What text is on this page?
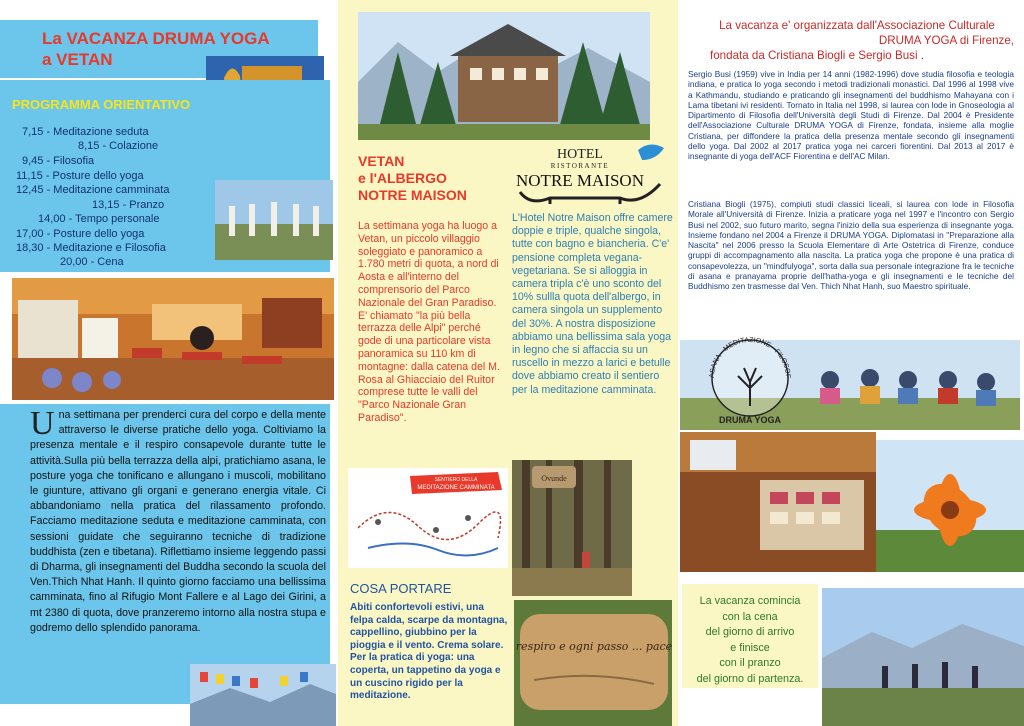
La VACANZA DRUMA YOGA
a VETAN
PROGRAMMA ORIENTATIVO
7,15 - Meditazione seduta
8,15 - Colazione
9,45 - Filosofia
11,15 - Posture dello yoga
12,45 - Meditazione camminata
13,15 - Pranzo
14,00 - Tempo personale
17,00 - Posture dello yoga
18,30 - Meditazione e Filosofia
20,00 - Cena
Una settimana per prenderci cura del corpo e della mente attraverso le diverse pratiche dello yoga. Coltiviamo la presenza mentale e il respiro consapevole durante tutte le attività.Sulla più bella terrazza della alpi, pratichiamo asana, le posture yoga che tonificano e allungano i muscoli, mobilitano le giunture, attivano gli organi e generano energia vitale. Ci abbandoniamo nella pratica del rilassamento profondo. Facciamo meditazione seduta e meditazione camminata, con sessioni guidate che seguiranno tecniche di tradizione buddhista (zen e tibetana). Riflettiamo insieme leggendo passi di Dharma, gli insegnamenti del Buddha secondo la scuola del Ven.Thich Nhat Hanh. Il quinto giorno facciamo una bellissima camminata, fino al Rifugio Mont Fallere e al Lago dei Girini, a mt 2380 di quota, dove pranzeremo intorno alla nostra stupa e godremo dello splendido panorama.
VETAN
e l'ALBERGO
NOTRE MAISON
HOTEL
RISTORANTE
NOTRE MAISON
La settimana yoga ha luogo a Vetan, un piccolo villaggio soleggiato e panoramico a 1.780 metri di quota, a nord di Aosta e all'interno del comprensorio del Parco Nazionale del Gran Paradiso. E' chiamato "la più bella terrazza delle Alpi" perché gode di una particolare vista panoramica su 110 km di montagne: dalla catena del M. Rosa al Ghiacciaio del Ruitor comprese tutte le valli del "Parco Nazionale Gran Paradiso".
L'Hotel Notre Maison offre camere doppie e triple, qualche singola, tutte con bagno e biancheria. C'e' pensione completa vegana-vegetariana. Se si alloggia in camera tripla c'è uno sconto del 10% sullla quota dell'albergo, in camera singola un supplemento del 30%. A nostra disposizione abbiamo una bellissima sala yoga in legno che si affaccia su un ruscello in mezzo a larici e betulle dove abbiamo creato il sentiero per la meditazione camminata.
SENTIERO DELLA
MEDITAZIONE CAMMINATA
Ovunde
respiro e ogni passo ... pace
COSA PORTARE
Abiti confortevoli estivi, una felpa calda, scarpe da montagna, cappellino, giubbino per la pioggia e il vento. Crema solare. Per la pratica di yoga: una coperta, un tappetino da yoga e un cuscino rigido per la meditazione.
La vacanza e' organizzata dall'Associazione Culturale
DRUMA YOGA di Firenze,
fondata da Cristiana Biogli e Sergio Busi .
Sergio Busi (1959) vive in India per 14 anni (1982-1996) dove studia filosofia e teologia indiana, e pratica lo yoga secondo i metodi tradizionali monastici. Dal 1996 al 1998 vive a Kathmandu, studiando e praticando gli insegnamenti del buddhismo Mahayana con i Lama tibetani ivi residenti. Tornato in Italia nel 1998, si laurea con lode in Gnoseologia al Dipartimento di Filosofia dell'Università degli Studi di Firenze. Dal 2004 è Presidente dell'Associazione Culturale DRUMA YOGA di Firenze, fondata, insieme alla moglie Cristiana, per diffondere la pratica della presenza mentale secondo gli insegnamenti dello yoga. Dal 2002 al 2017 pratica yoga nei carceri fiorentini. Dal 2013 al 2017 è insegnante di yoga dell'ACF Fiorentina e dell'AC Milan.
Cristiana Biogli (1975), compiuti studi classici liceali, si laurea con lode in Filosofia Morale all'Università di Firenze. Inizia a praticare yoga nel 1997 e l'incontro con Sergio Busi nel 2002, suo futuro marito, segna l'inizio della sua esperienza di insegnante yoga. Insieme fondano nel 2004 a Firenze il DRUMA YOGA. Diplomatasi in "Preparazione alla Nascita" nel 2006 presso la Scuola Elementare di Arte Ostetrica di Firenze, conduce gruppi di accompagnamento alla nascita. La pratica yoga che propone è una pratica di consapevolezza, un "mindfulyoga", sorta dalla sua personale integrazione fra le tecniche di asana e pranayama proprie dell'hatha-yoga e gli insegnamenti e le tecniche del Buddhismo zen trasmesse dal Ven. Thich Nhat Hanh, suo Maestro spirituale.
ASANA - MEDITAZIONE - FILOSOF
DRUMA YOGA
La vacanza comincia
con la cena
del giorno di arrivo
e finisce
con il pranzo
del giorno di partenza.
